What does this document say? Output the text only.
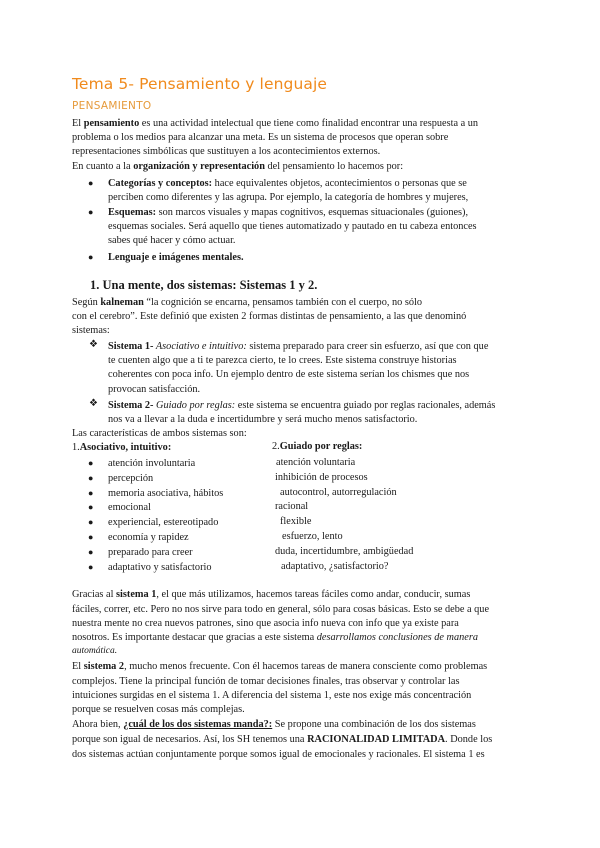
Tema 5- Pensamiento y lenguaje
PENSAMIENTO
El pensamiento es una actividad intelectual que tiene como finalidad encontrar una respuesta a un
problema o los medios para alcanzar una meta. Es un sistema de procesos que operan sobre
representaciones simbólicas que sustituyen a los acontecimientos externos.
En cuanto a la organización y representación del pensamiento lo hacemos por:
● Categorías y conceptos: hace equivalentes objetos, acontecimientos o personas que se
perciben como diferentes y las agrupa. Por ejemplo, la categoría de hombres y mujeres,
● Esquemas: son marcos visuales y mapas cognitivos, esquemas situacionales (guiones),
esquemas sociales. Será aquello que tienes automatizado y pautado en tu cabeza entonces
sabes qué hacer y cómo actuar.
● Lenguaje e imágenes mentales.
1. Una mente, dos sistemas: Sistemas 1 y 2.
Según kalneman “la cognición se encarna, pensamos también con el cuerpo, no sólo
con el cerebro”. Este definió que existen 2 formas distintas de pensamiento, a las que denominó
sistemas:
❖ Sistema 1- Asociativo e intuitivo: sistema preparado para creer sin esfuerzo, así que con que
te cuenten algo que a ti te parezca cierto, te lo crees. Este sistema construye historias
coherentes con poca info. Un ejemplo dentro de este sistema serían los chismes que nos
provocan satisfacción.
❖ Sistema 2- Guiado por reglas: este sistema se encuentra guiado por reglas racionales, además
nos va a llevar a la duda e incertidumbre y será mucho menos satisfactorio.
Las características de ambos sistemas son:
1.Asociativo, intuitivo:	2.Guiado por reglas:
● atención involuntaria	atención voluntaria
● percepción	inhibición de procesos
● memoria asociativa, hábitos	autocontrol, autorregulación
● emocional	racional
● experiencial, estereotipado	flexible
● economía y rapidez	esfuerzo, lento
● preparado para creer	duda, incertidumbre, ambigüedad
● adaptativo y satisfactorio	adaptativo, ¿satisfactorio?
Gracias al sistema 1, el que más utilizamos, hacemos tareas fáciles como andar, conducir, sumas
fáciles, correr, etc. Pero no nos sirve para todo en general, sólo para cosas básicas. Esto se debe a que
nuestra mente no crea nuevos patrones, sino que asocia info nueva con info que ya existe para
nosotros. Es importante destacar que gracias a este sistema desarrollamos conclusiones de manera
automática.
El sistema 2, mucho menos frecuente. Con él hacemos tareas de manera consciente como problemas
complejos. Tiene la principal función de tomar decisiones finales, tras observar y controlar las
intuiciones surgidas en el sistema 1. A diferencia del sistema 1, este nos exige más concentración
porque se resuelven cosas más complejas.
Ahora bien, ¿cuál de los dos sistemas manda?: Se propone una combinación de los dos sistemas
porque son igual de necesarios. Así, los SH tenemos una RACIONALIDAD LIMITADA. Donde los
dos sistemas actúan conjuntamente porque somos igual de emocionales y racionales. El sistema 1 es
